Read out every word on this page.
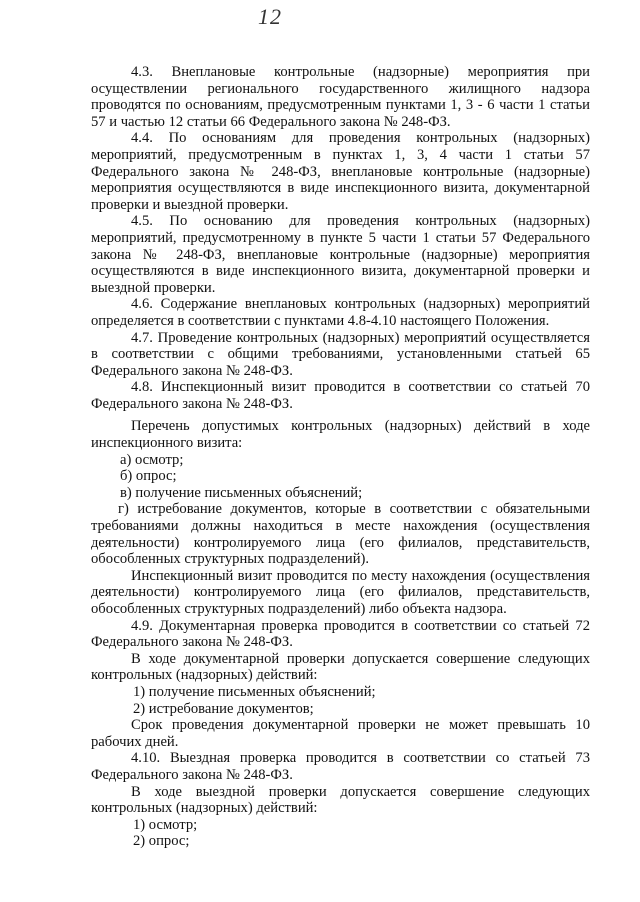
12

4.3. Внеплановые контрольные (надзорные) мероприятия при осуществлении регионального государственного жилищного надзора проводятся по основаниям, предусмотренным пунктами 1, 3 - 6 части 1 статьи 57 и частью 12 статьи 66 Федерального закона № 248-ФЗ.

4.4. По основаниям для проведения контрольных (надзорных) мероприятий, предусмотренным в пунктах 1, 3, 4 части 1 статьи 57 Федерального закона № 248-ФЗ, внеплановые контрольные (надзорные) мероприятия осуществляются в виде инспекционного визита, документарной проверки и выездной проверки.

4.5. По основанию для проведения контрольных (надзорных) мероприятий, предусмотренному в пункте 5 части 1 статьи 57 Федерального закона № 248-ФЗ, внеплановые контрольные (надзорные) мероприятия осуществляются в виде инспекционного визита, документарной проверки и выездной проверки.

4.6. Содержание внеплановых контрольных (надзорных) мероприятий определяется в соответствии с пунктами 4.8-4.10 настоящего Положения.

4.7. Проведение контрольных (надзорных) мероприятий осуществляется в соответствии с общими требованиями, установленными статьей 65 Федерального закона № 248-ФЗ.

4.8. Инспекционный визит проводится в соответствии со статьей 70 Федерального закона № 248-ФЗ.

Перечень допустимых контрольных (надзорных) действий в ходе инспекционного визита:

а) осмотр;

б) опрос;

в) получение письменных объяснений;

г) истребование документов, которые в соответствии с обязательными требованиями должны находиться в месте нахождения (осуществления деятельности) контролируемого лица (его филиалов, представительств, обособленных структурных подразделений).

Инспекционный визит проводится по месту нахождения (осуществления деятельности) контролируемого лица (его филиалов, представительств, обособленных структурных подразделений) либо объекта надзора.

4.9. Документарная проверка проводится в соответствии со статьей 72 Федерального закона № 248-ФЗ.

В ходе документарной проверки допускается совершение следующих контрольных (надзорных) действий:

1) получение письменных объяснений;

2) истребование документов;

Срок проведения документарной проверки не может превышать 10 рабочих дней.

4.10. Выездная проверка проводится в соответствии со статьей 73 Федерального закона № 248-ФЗ.

В ходе выездной проверки допускается совершение следующих контрольных (надзорных) действий:

1) осмотр;

2) опрос;
